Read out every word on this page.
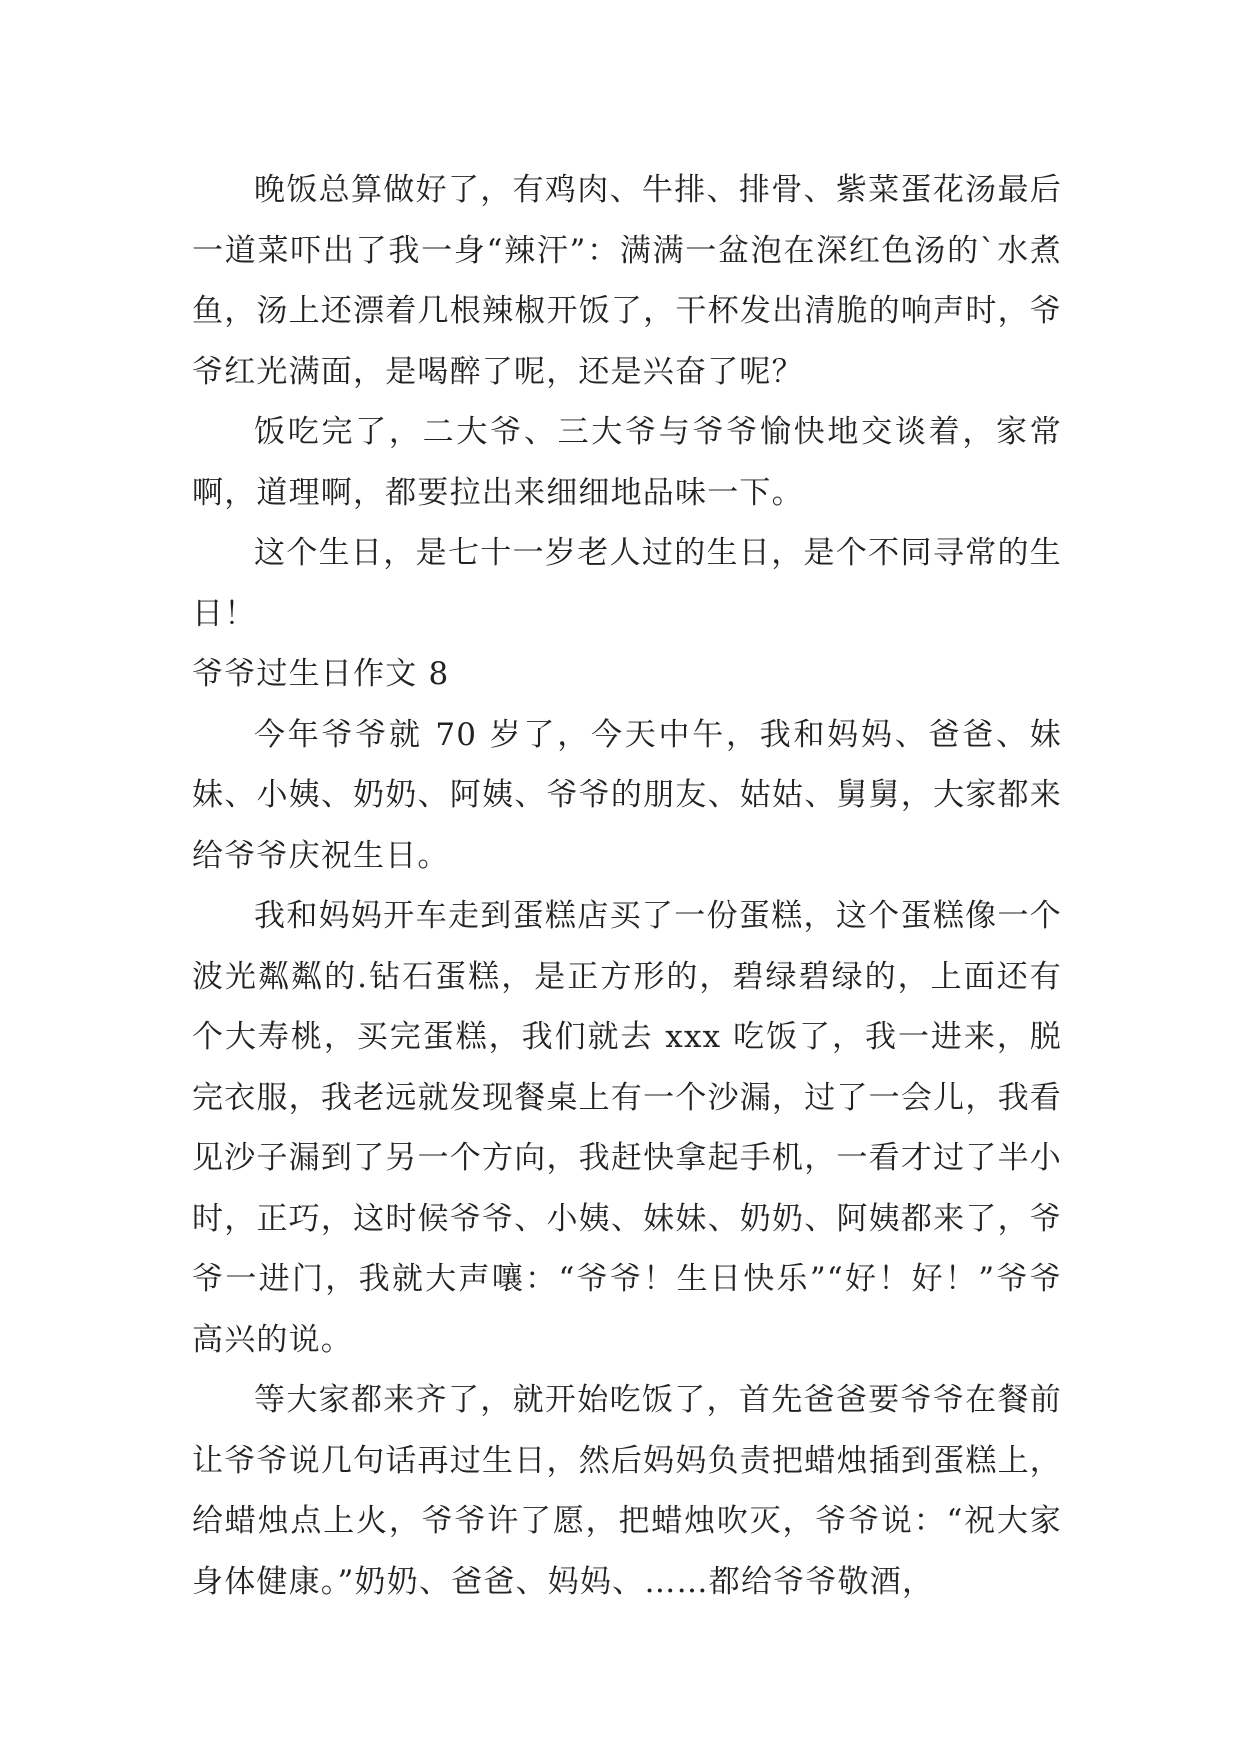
晚饭总算做好了，有鸡肉、牛排、排骨、紫菜蛋花汤最后一道菜吓出了我一身“辣汗”：满满一盆泡在深红色汤的`水煮鱼，汤上还漂着几根辣椒开饭了，干杯发出清脆的响声时，爷爷红光满面，是喝醉了呢，还是兴奋了呢？

饭吃完了，二大爷、三大爷与爷爷愉快地交谈着，家常啊，道理啊，都要拉出来细细地品味一下。

这个生日，是七十一岁老人过的生日，是个不同寻常的生日！

爷爷过生日作文 8

今年爷爷就 70 岁了，今天中午，我和妈妈、爸爸、妹妹、小姨、奶奶、阿姨、爷爷的朋友、姑姑、舅舅，大家都来给爷爷庆祝生日。

我和妈妈开车走到蛋糕店买了一份蛋糕，这个蛋糕像一个波光粼粼的.钻石蛋糕，是正方形的，碧绿碧绿的，上面还有个大寿桃，买完蛋糕，我们就去 xxx 吃饭了，我一进来，脱完衣服，我老远就发现餐桌上有一个沙漏，过了一会儿，我看见沙子漏到了另一个方向，我赶快拿起手机，一看才过了半小时，正巧，这时候爷爷、小姨、妹妹、奶奶、阿姨都来了，爷爷一进门，我就大声嚷：“爷爷！生日快乐”“好！好！”爷爷高兴的说。

等大家都来齐了，就开始吃饭了，首先爸爸要爷爷在餐前让爷爷说几句话再过生日，然后妈妈负责把蜡烛插到蛋糕上，给蜡烛点上火，爷爷许了愿，把蜡烛吹灭，爷爷说：“祝大家身体健康。”奶奶、爸爸、妈妈、……都给爷爷敬酒，
